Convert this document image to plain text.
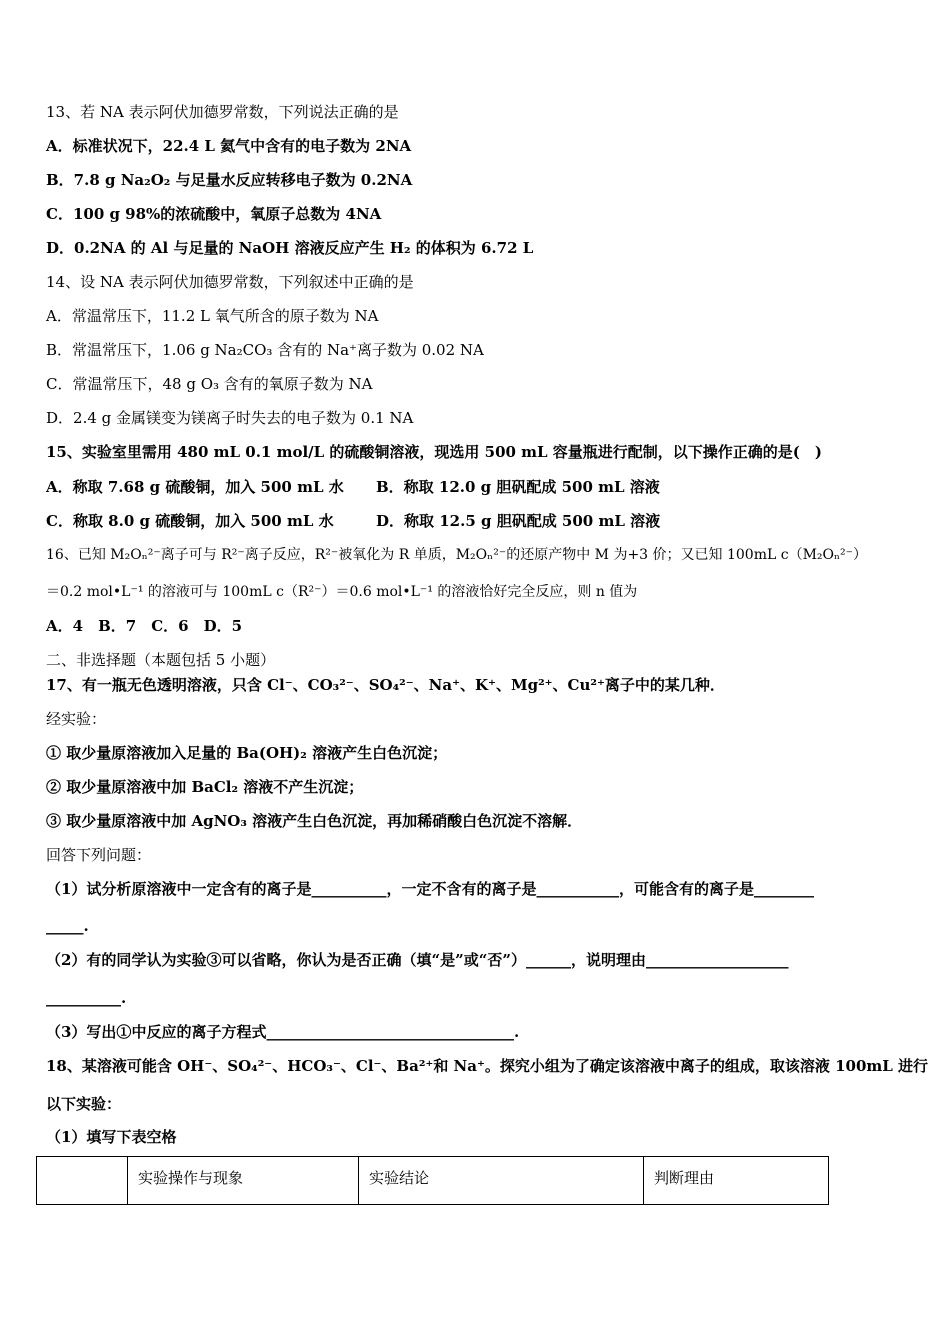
13、若 NA 表示阿伏加德罗常数，下列说法正确的是
A．标准状况下，22.4 L 氦气中含有的电子数为 2NA
B．7.8 g Na₂O₂ 与足量水反应转移电子数为 0.2NA
C．100 g 98%的浓硫酸中，氧原子总数为 4NA
D．0.2NA 的 Al 与足量的 NaOH 溶液反应产生 H₂ 的体积为 6.72 L
14、设 NA 表示阿伏加德罗常数，下列叙述中正确的是
A．常温常压下，11.2 L 氧气所含的原子数为 NA
B．常温常压下，1.06 g Na₂CO₃ 含有的 Na⁺离子数为 0.02 NA
C．常温常压下，48 g O₃ 含有的氧原子数为 NA
D．2.4 g 金属镁变为镁离子时失去的电子数为 0.1 NA
15、实验室里需用 480 mL 0.1 mol/L 的硫酸铜溶液，现选用 500 mL 容量瓶进行配制，以下操作正确的是(　)
A．称取 7.68 g 硫酸铜，加入 500 mL 水 B．称取 12.0 g 胆矾配成 500 mL 溶液
C．称取 8.0 g 硫酸铜，加入 500 mL 水	D．称取 12.5 g 胆矾配成 500 mL 溶液
16、已知 M₂Oₙ²⁻离子可与 R²⁻离子反应，R²⁻被氧化为 R 单质，M₂Oₙ²⁻的还原产物中 M 为+3 价；又已知 100mL c（M₂Oₙ²⁻）
＝0.2 mol•L⁻¹ 的溶液可与 100mL c（R²⁻）＝0.6 mol•L⁻¹ 的溶液恰好完全反应，则 n 值为
A．4　B．7　C．6　D．5
二、非选择题（本题包括 5 小题）
17、有一瓶无色透明溶液，只含 Cl⁻、CO₃²⁻、SO₄²⁻、Na⁺、K⁺、Mg²⁺、Cu²⁺离子中的某几种．
经实验：
① 取少量原溶液加入足量的 Ba(OH)₂ 溶液产生白色沉淀；
② 取少量原溶液中加 BaCl₂ 溶液不产生沉淀；
③ 取少量原溶液中加 AgNO₃ 溶液产生白色沉淀，再加稀硝酸白色沉淀不溶解．
回答下列问题：
（1）试分析原溶液中一定含有的离子是__________，一定不含有的离子是___________，可能含有的离子是________
_____.
（2）有的同学认为实验③可以省略，你认为是否正确（填“是”或“否”）______，说明理由___________________
__________.
（3）写出①中反应的离子方程式_________________________________.
18、某溶液可能含 OH⁻、SO₄²⁻、HCO₃⁻、Cl⁻、Ba²⁺和 Na⁺。探究小组为了确定该溶液中离子的组成，取该溶液 100mL 进行
以下实验：
（1）填写下表空格
	实验操作与现象	实验结论	判断理由
